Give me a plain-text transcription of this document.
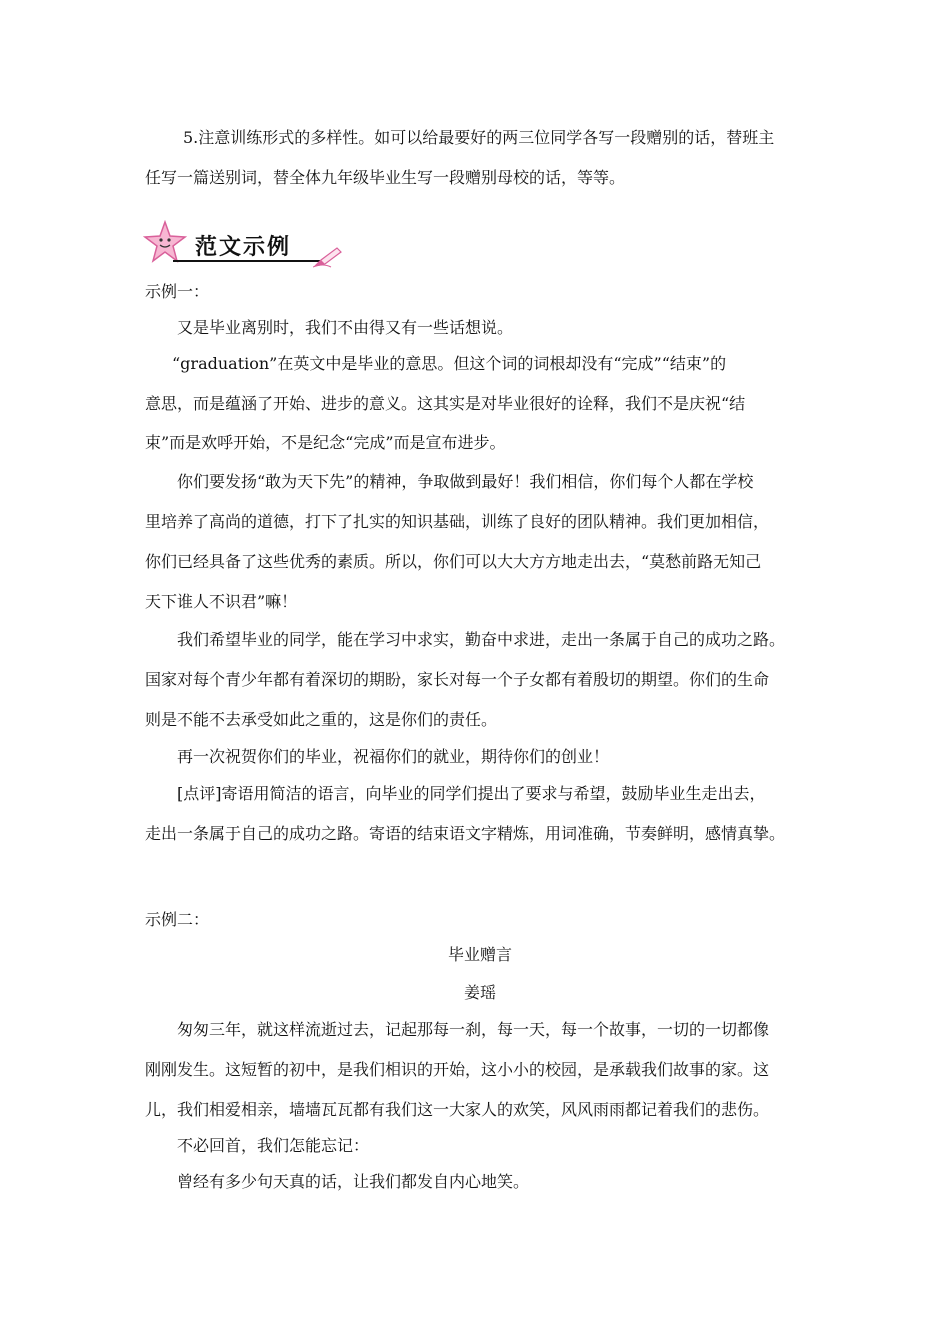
5.注意训练形式的多样性。如可以给最要好的两三位同学各写一段赠别的话，替班主
任写一篇送别词，替全体九年级毕业生写一段赠别母校的话，等等。
范文示例
示例一：
又是毕业离别时，我们不由得又有一些话想说。
“graduation”在英文中是毕业的意思。但这个词的词根却没有“完成”“结束”的
意思，而是蕴涵了开始、进步的意义。这其实是对毕业很好的诠释，我们不是庆祝“结
束”而是欢呼开始，不是纪念“完成”而是宣布进步。
你们要发扬“敢为天下先”的精神，争取做到最好！我们相信，你们每个人都在学校
里培养了高尚的道德，打下了扎实的知识基础，训练了良好的团队精神。我们更加相信，
你们已经具备了这些优秀的素质。所以，你们可以大大方方地走出去，“莫愁前路无知己
天下谁人不识君”嘛！
我们希望毕业的同学，能在学习中求实，勤奋中求进，走出一条属于自己的成功之路。
国家对每个青少年都有着深切的期盼，家长对每一个子女都有着殷切的期望。你们的生命
则是不能不去承受如此之重的，这是你们的责任。
再一次祝贺你们的毕业，祝福你们的就业，期待你们的创业！
[点评]寄语用简洁的语言，向毕业的同学们提出了要求与希望，鼓励毕业生走出去，
走出一条属于自己的成功之路。寄语的结束语文字精炼，用词准确，节奏鲜明，感情真挚。
示例二：
毕业赠言
姜瑶
匆匆三年，就这样流逝过去，记起那每一刹，每一天，每一个故事，一切的一切都像
刚刚发生。这短暂的初中，是我们相识的开始，这小小的校园，是承载我们故事的家。这
儿，我们相爱相亲，墙墙瓦瓦都有我们这一大家人的欢笑，风风雨雨都记着我们的悲伤。
不必回首，我们怎能忘记：
曾经有多少句天真的话，让我们都发自内心地笑。
